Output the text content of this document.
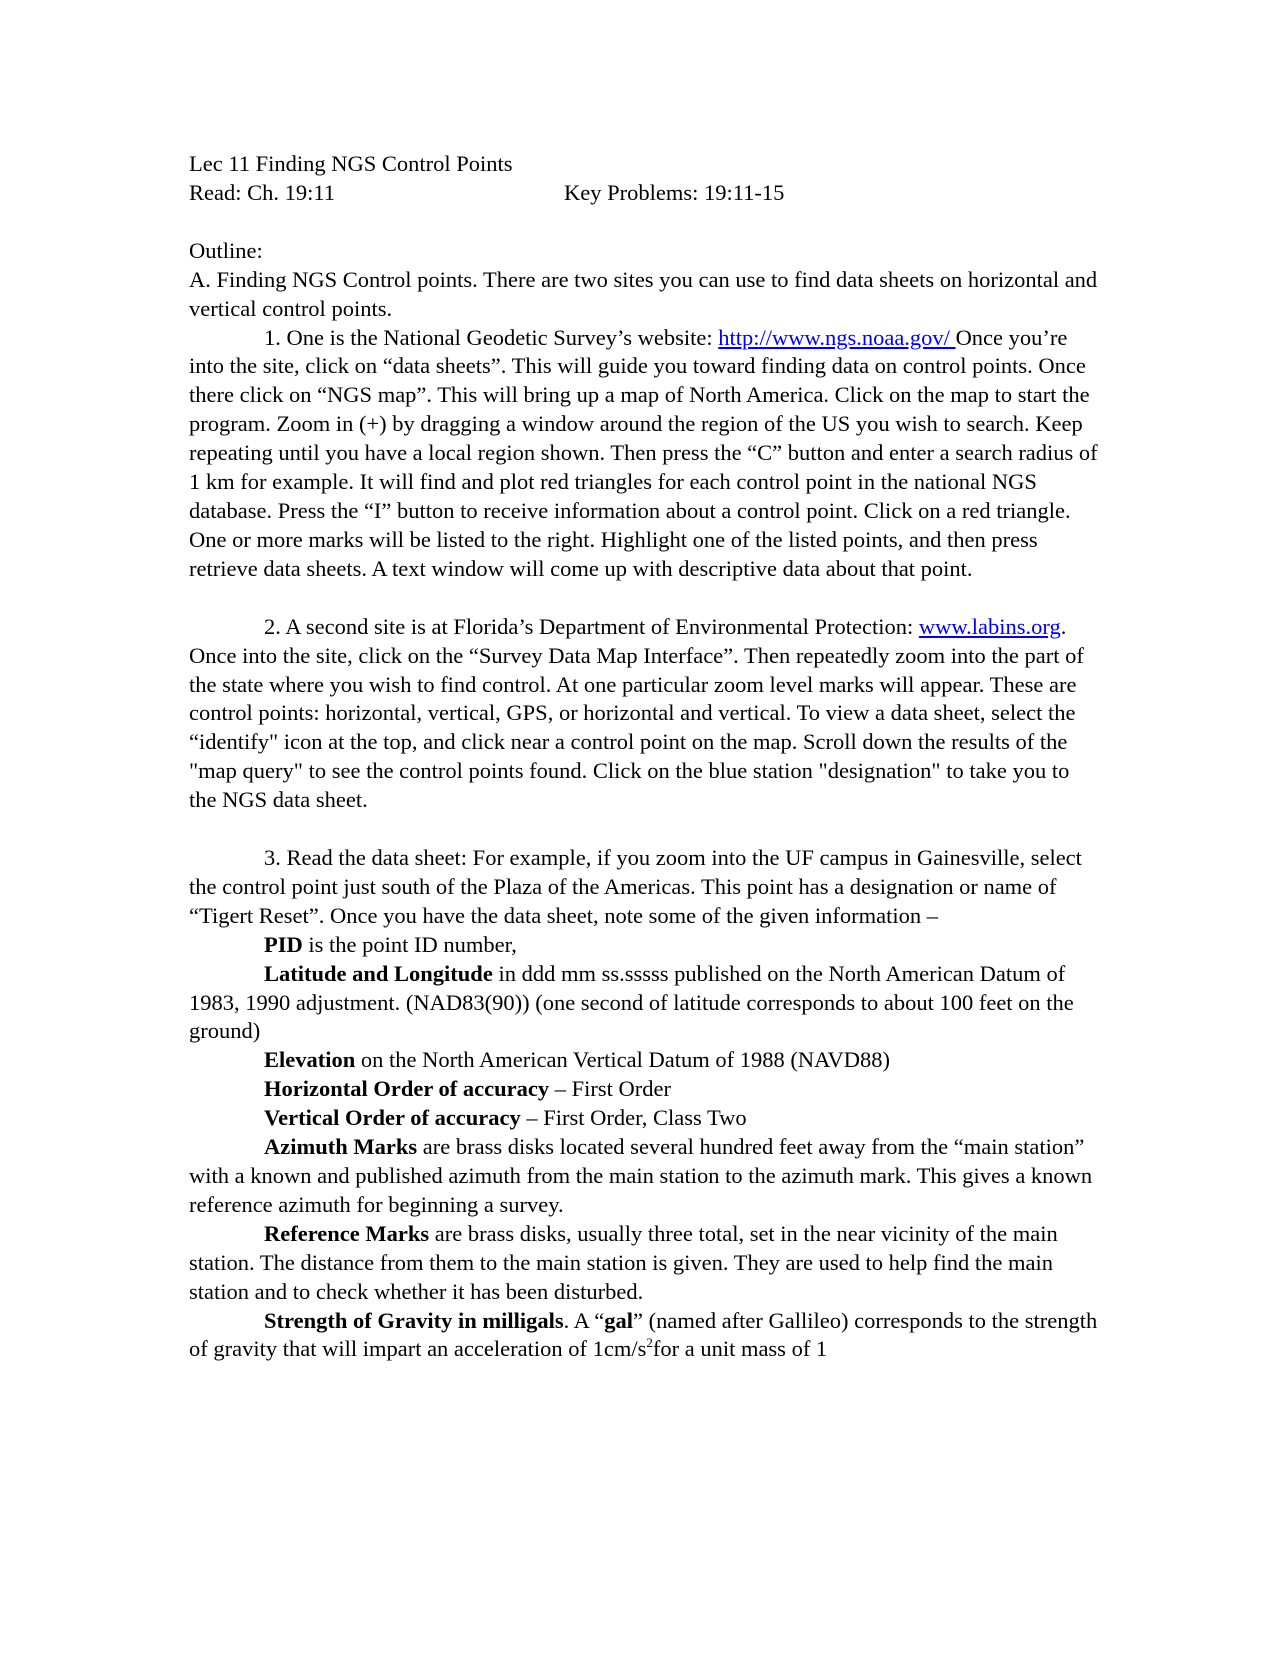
Lec 11 Finding NGS Control Points

Read: Ch. 19:11	Key Problems: 19:11-15

Outline:

A. Finding NGS Control points. There are two sites you can use to find data sheets on horizontal and vertical control points.

1. One is the National Geodetic Survey’s website: http://www.ngs.noaa.gov/ Once you’re into the site, click on “data sheets”. This will guide you toward finding data on control points. Once there click on “NGS map”. This will bring up a map of North America. Click on the map to start the program. Zoom in (+) by dragging a window around the region of the US you wish to search. Keep repeating until you have a local region shown. Then press the “C” button and enter a search radius of 1 km for example. It will find and plot red triangles for each control point in the national NGS database. Press the “I” button to receive information about a control point. Click on a red triangle. One or more marks will be listed to the right. Highlight one of the listed points, and then press retrieve data sheets. A text window will come up with descriptive data about that point.

2. A second site is at Florida’s Department of Environmental Protection: www.labins.org. Once into the site, click on the “Survey Data Map Interface”. Then repeatedly zoom into the part of the state where you wish to find control. At one particular zoom level marks will appear. These are control points: horizontal, vertical, GPS, or horizontal and vertical. To view a data sheet, select the “identify" icon at the top, and click near a control point on the map. Scroll down the results of the "map query" to see the control points found. Click on the blue station "designation" to take you to the NGS data sheet.

3. Read the data sheet: For example, if you zoom into the UF campus in Gainesville, select the control point just south of the Plaza of the Americas. This point has a designation or name of “Tigert Reset”. Once you have the data sheet, note some of the given information –

PID is the point ID number,

Latitude and Longitude in ddd mm ss.sssss published on the North American Datum of 1983, 1990 adjustment. (NAD83(90)) (one second of latitude corresponds to about 100 feet on the ground)

Elevation on the North American Vertical Datum of 1988 (NAVD88)

Horizontal Order of accuracy – First Order

Vertical Order of accuracy – First Order, Class Two

Azimuth Marks are brass disks located several hundred feet away from the “main station” with a known and published azimuth from the main station to the azimuth mark. This gives a known reference azimuth for beginning a survey.

Reference Marks are brass disks, usually three total, set in the near vicinity of the main station. The distance from them to the main station is given. They are used to help find the main station and to check whether it has been disturbed.

Strength of Gravity in milligals. A “gal” (named after Gallileo) corresponds to the strength of gravity that will impart an acceleration of $1cm/s^2for$ a unit mass of 1
